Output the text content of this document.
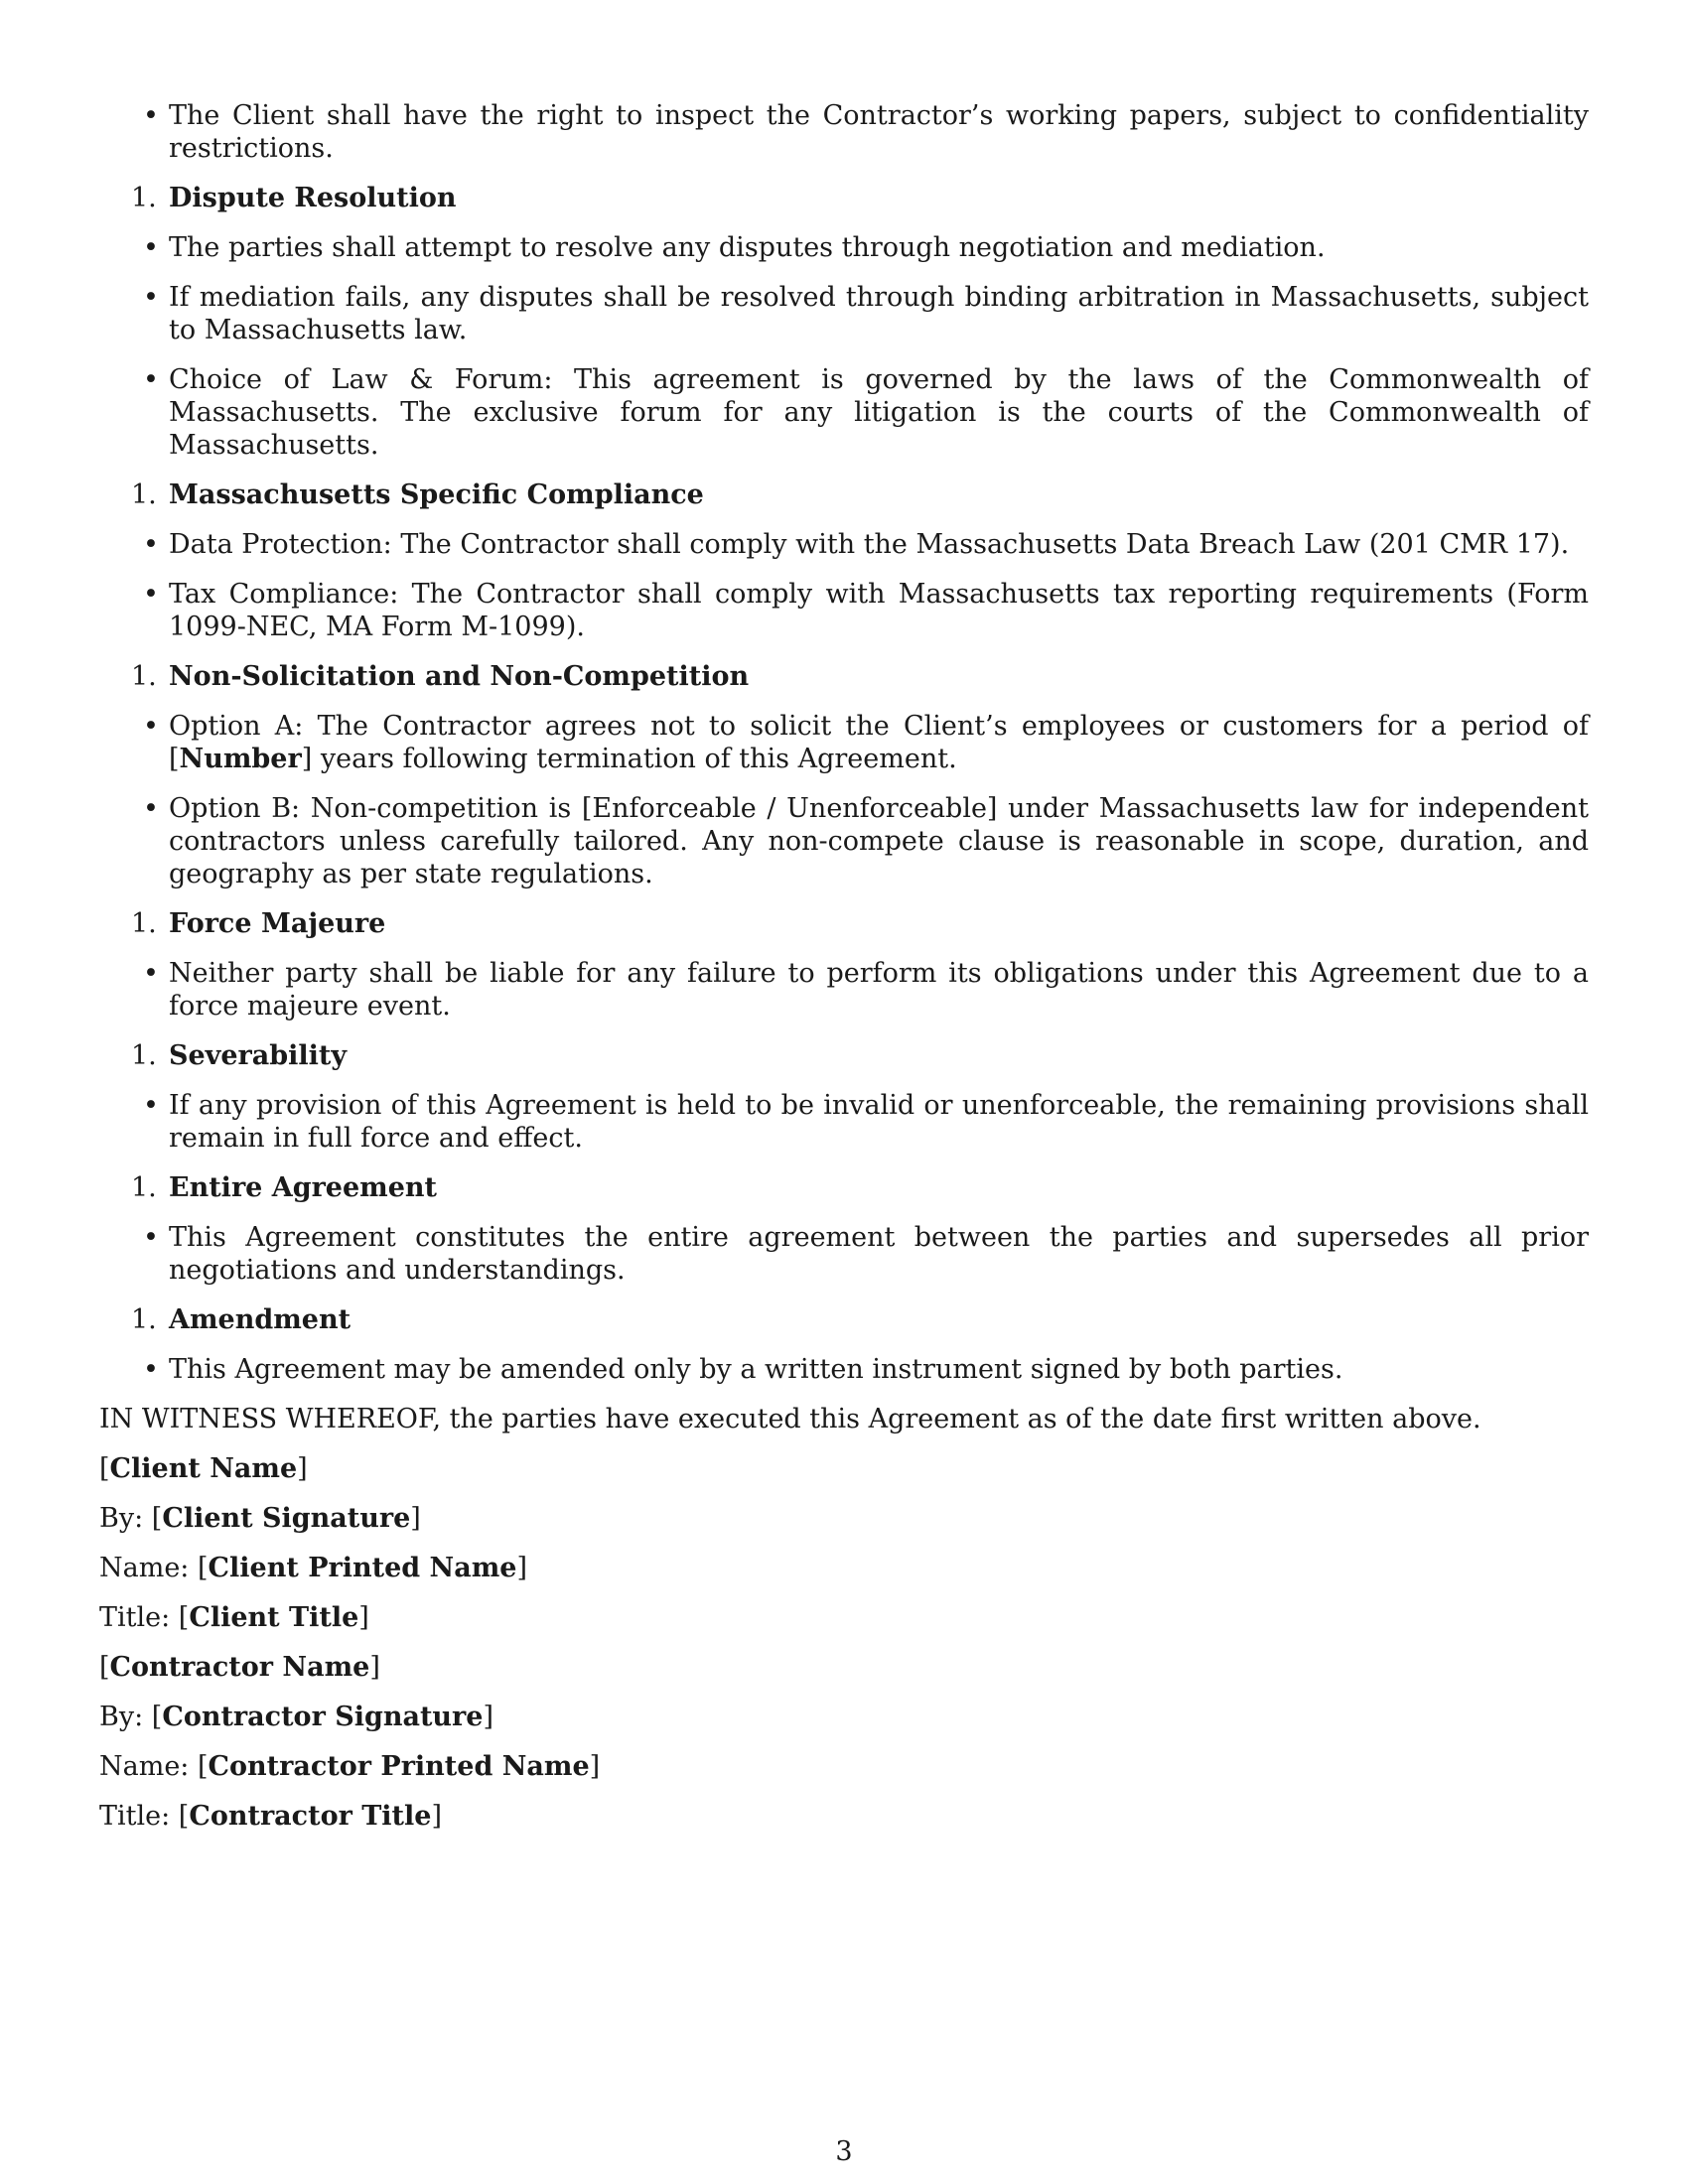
• The Client shall have the right to inspect the Contractor’s working papers, subject to confidentiality restrictions.
1. Dispute Resolution
• The parties shall attempt to resolve any disputes through negotiation and mediation.
• If mediation fails, any disputes shall be resolved through binding arbitration in Massachusetts, subject to Massachusetts law.
• Choice of Law & Forum: This agreement is governed by the laws of the Commonwealth of Massachusetts. The exclusive forum for any litigation is the courts of the Commonwealth of Massachusetts.
1. Massachusetts Specific Compliance
• Data Protection: The Contractor shall comply with the Massachusetts Data Breach Law (201 CMR 17).
• Tax Compliance: The Contractor shall comply with Massachusetts tax reporting requirements (Form 1099-NEC, MA Form M-1099).
1. Non-Solicitation and Non-Competition
• Option A: The Contractor agrees not to solicit the Client’s employees or customers for a period of [Number] years following termination of this Agreement.
• Option B: Non-competition is [Enforceable / Unenforceable] under Massachusetts law for independent contractors unless carefully tailored. Any non-compete clause is reasonable in scope, duration, and geography as per state regulations.
1. Force Majeure
• Neither party shall be liable for any failure to perform its obligations under this Agreement due to a force majeure event.
1. Severability
• If any provision of this Agreement is held to be invalid or unenforceable, the remaining provisions shall remain in full force and effect.
1. Entire Agreement
• This Agreement constitutes the entire agreement between the parties and supersedes all prior negotiations and understandings.
1. Amendment
• This Agreement may be amended only by a written instrument signed by both parties.
IN WITNESS WHEREOF, the parties have executed this Agreement as of the date first written above.
[Client Name]
By: [Client Signature]
Name: [Client Printed Name]
Title: [Client Title]
[Contractor Name]
By: [Contractor Signature]
Name: [Contractor Printed Name]
Title: [Contractor Title]
3
